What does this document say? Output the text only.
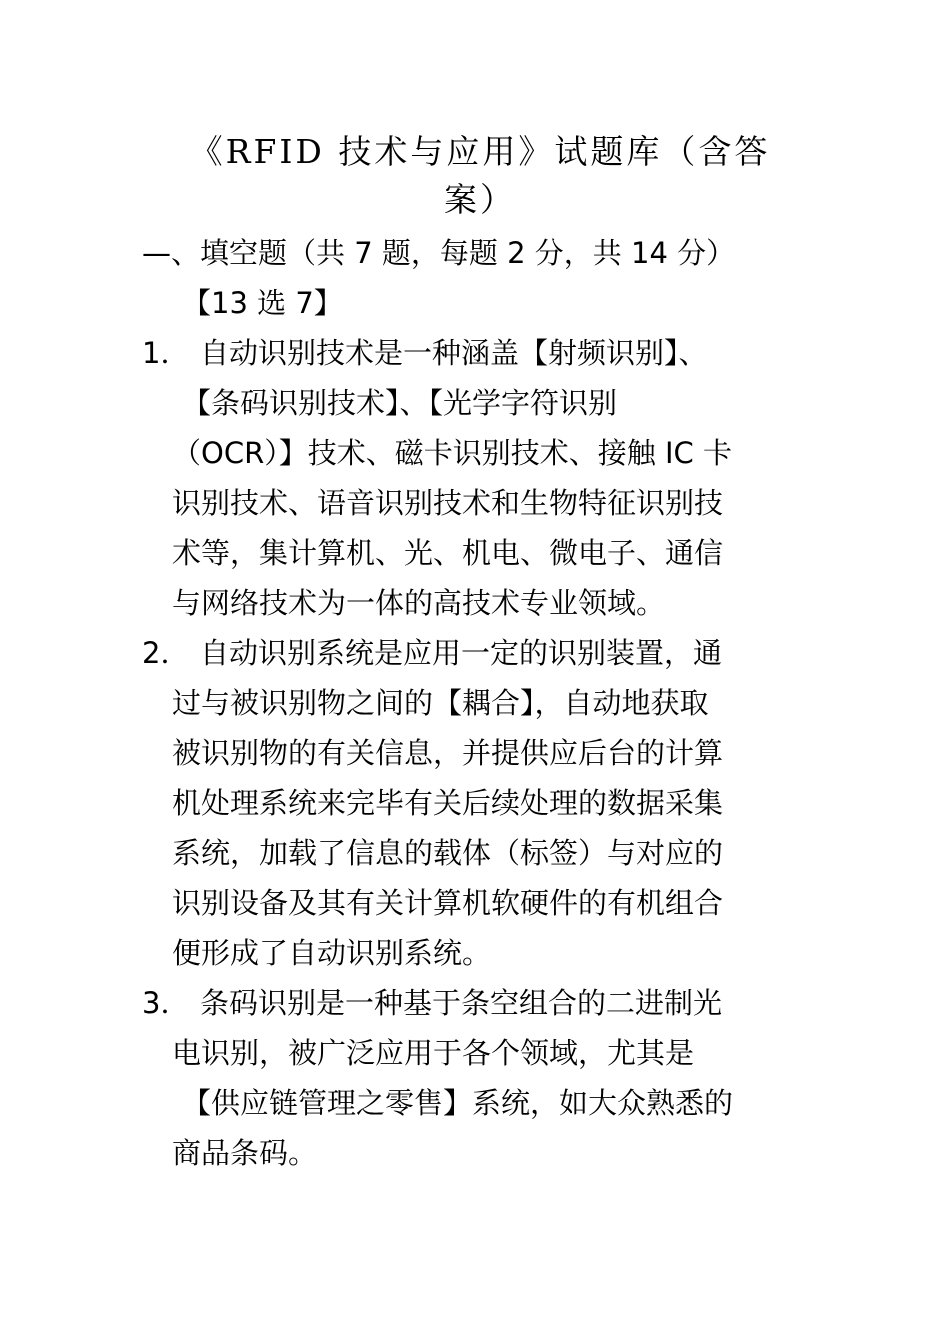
《RFID 技术与应用》试题库（含答
案）
—、 填空题（共 7 题，每题 2 分，共 14 分）
【13 选 7】
1． 自动识别技术是一种涵盖【射频识别】、
【条码识别技术】、【光学字符识别
（OCR）】技术、磁卡识别技术、接触 IC 卡
识别技术、语音识别技术和生物特征识别技
术等，集计算机、光、机电、微电子、通信
与网络技术为一体的高技术专业领域。
2． 自动识别系统是应用一定的识别装置，通
过与被识别物之间的【耦合】，自动地获取
被识别物的有关信息，并提供应后台的计算
机处理系统来完毕有关后续处理的数据采集
系统，加载了信息的载体（标签）与对应的
识别设备及其有关计算机软硬件的有机组合
便形成了自动识别系统。
3． 条码识别是一种基于条空组合的二进制光
电识别，被广泛应用于各个领域，尤其是
【供应链管理之零售】系统，如大众熟悉的
商品条码。
